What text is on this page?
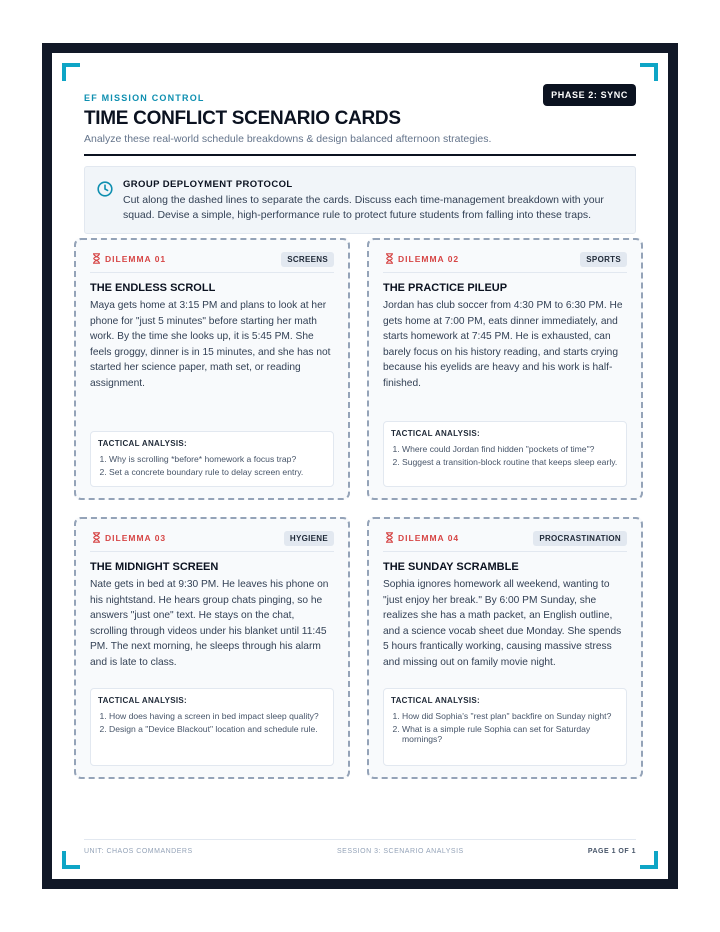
EF MISSION CONTROL	PHASE 2: SYNC
TIME CONFLICT SCENARIO CARDS
Analyze these real-world schedule breakdowns & design balanced afternoon strategies.
GROUP DEPLOYMENT PROTOCOL
Cut along the dashed lines to separate the cards. Discuss each time-management breakdown with your squad. Devise a simple, high-performance rule to protect future students from falling into these traps.
DILEMMA 01	SCREENS
THE ENDLESS SCROLL
Maya gets home at 3:15 PM and plans to look at her phone for "just 5 minutes" before starting her math work. By the time she looks up, it is 5:45 PM. She feels groggy, dinner is in 15 minutes, and she has not started her science paper, math set, or reading assignment.
TACTICAL ANALYSIS:
1. Why is scrolling *before* homework a focus trap?
2. Set a concrete boundary rule to delay screen entry.
DILEMMA 02	SPORTS
THE PRACTICE PILEUP
Jordan has club soccer from 4:30 PM to 6:30 PM. He gets home at 7:00 PM, eats dinner immediately, and starts homework at 7:45 PM. He is exhausted, can barely focus on his history reading, and starts crying because his eyelids are heavy and his work is half-finished.
TACTICAL ANALYSIS:
1. Where could Jordan find hidden "pockets of time"?
2. Suggest a transition-block routine that keeps sleep early.
DILEMMA 03	HYGIENE
THE MIDNIGHT SCREEN
Nate gets in bed at 9:30 PM. He leaves his phone on his nightstand. He hears group chats pinging, so he answers "just one" text. He stays on the chat, scrolling through videos under his blanket until 11:45 PM. The next morning, he sleeps through his alarm and is late to class.
TACTICAL ANALYSIS:
1. How does having a screen in bed impact sleep quality?
2. Design a "Device Blackout" location and schedule rule.
DILEMMA 04	PROCRASTINATION
THE SUNDAY SCRAMBLE
Sophia ignores homework all weekend, wanting to "just enjoy her break." By 6:00 PM Sunday, she realizes she has a math packet, an English outline, and a science vocab sheet due Monday. She spends 5 hours frantically working, causing massive stress and missing out on family movie night.
TACTICAL ANALYSIS:
1. How did Sophia's "rest plan" backfire on Sunday night?
2. What is a simple rule Sophia can set for Saturday mornings?
UNIT: CHAOS COMMANDERS	SESSION 3: SCENARIO ANALYSIS	PAGE 1 OF 1
